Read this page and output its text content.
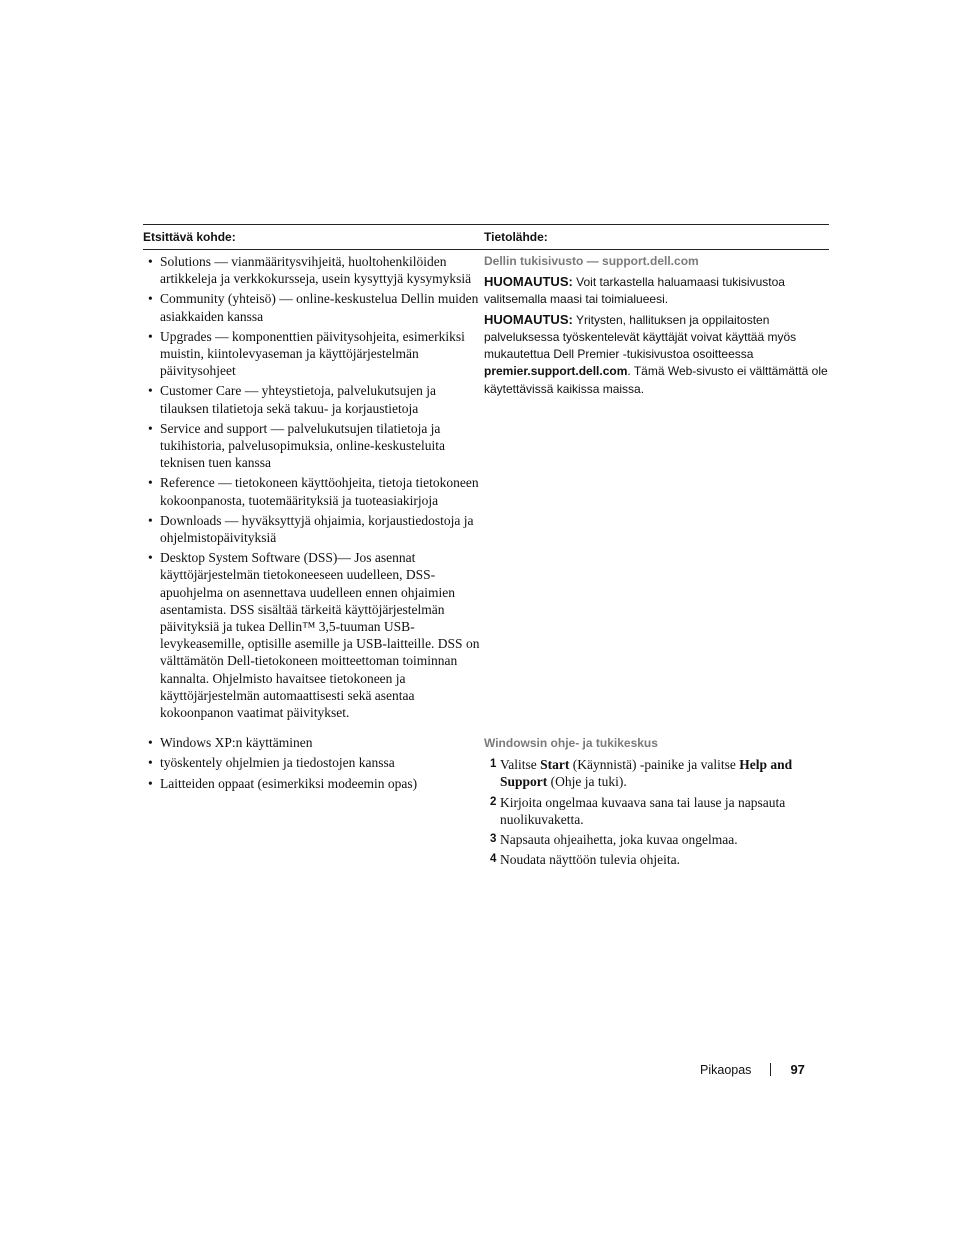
Etsittävä kohde:	Tietolähde:
• Solutions — vianmääritysvihjeitä, huoltohenkilöiden artikkeleja ja verkkokursseja, usein kysyttyjä kysymyksiä
• Community (yhteisö) — online-keskustelua Dellin muiden asiakkaiden kanssa
• Upgrades — komponenttien päivitysohjeita, esimerkiksi muistin, kiintolevyaseman ja käyttöjärjestelmän päivitysohjeet
• Customer Care — yhteystietoja, palvelukutsujen ja tilauksen tilatietoja sekä takuu- ja korjaustietoja
• Service and support — palvelukutsujen tilatietoja ja tukihistoria, palvelusopimuksia, online-keskusteluita teknisen tuen kanssa
• Reference — tietokoneen käyttöohjeita, tietoja tietokoneen kokoonpanosta, tuotemäärityksiä ja tuoteasiakirjoja
• Downloads — hyväksyttyjä ohjaimia, korjaustiedostoja ja ohjelmistopäivityksiä
• Desktop System Software (DSS)— Jos asennat käyttöjärjestelmän tietokoneeseen uudelleen, DSS-apuohjelma on asennettava uudelleen ennen ohjaimien asentamista. DSS sisältää tärkeitä käyttöjärjestelmän päivityksiä ja tukea Dellin™ 3,5-tuuman USB-levykeasemille, optisille asemille ja USB-laitteille. DSS on välttämätön Dell-tietokoneen moitteettoman toiminnan kannalta. Ohjelmisto havaitsee tietokoneen ja käyttöjärjestelmän automaattisesti sekä asentaa kokoonpanon vaatimat päivitykset.
Dellin tukisivusto — support.dell.com
HUOMAUTUS: Voit tarkastella haluamaasi tukisivustoa valitsemalla maasi tai toimialueesi.
HUOMAUTUS: Yritysten, hallituksen ja oppilaitosten palveluksessa työskentelevät käyttäjät voivat käyttää myös mukautettua Dell Premier -tukisivustoa osoitteessa premier.support.dell.com. Tämä Web-sivusto ei välttämättä ole käytettävissä kaikissa maissa.
• Windows XP:n käyttäminen
• työskentely ohjelmien ja tiedostojen kanssa
• Laitteiden oppaat (esimerkiksi modeemin opas)
Windowsin ohje- ja tukikeskus
1 Valitse Start (Käynnistä) -painike ja valitse Help and Support (Ohje ja tuki).
2 Kirjoita ongelmaa kuvaava sana tai lause ja napsauta nuolikuvaketta.
3 Napsauta ohjeaihetta, joka kuvaa ongelmaa.
4 Noudata näyttöön tulevia ohjeita.
Pikaopas	97
